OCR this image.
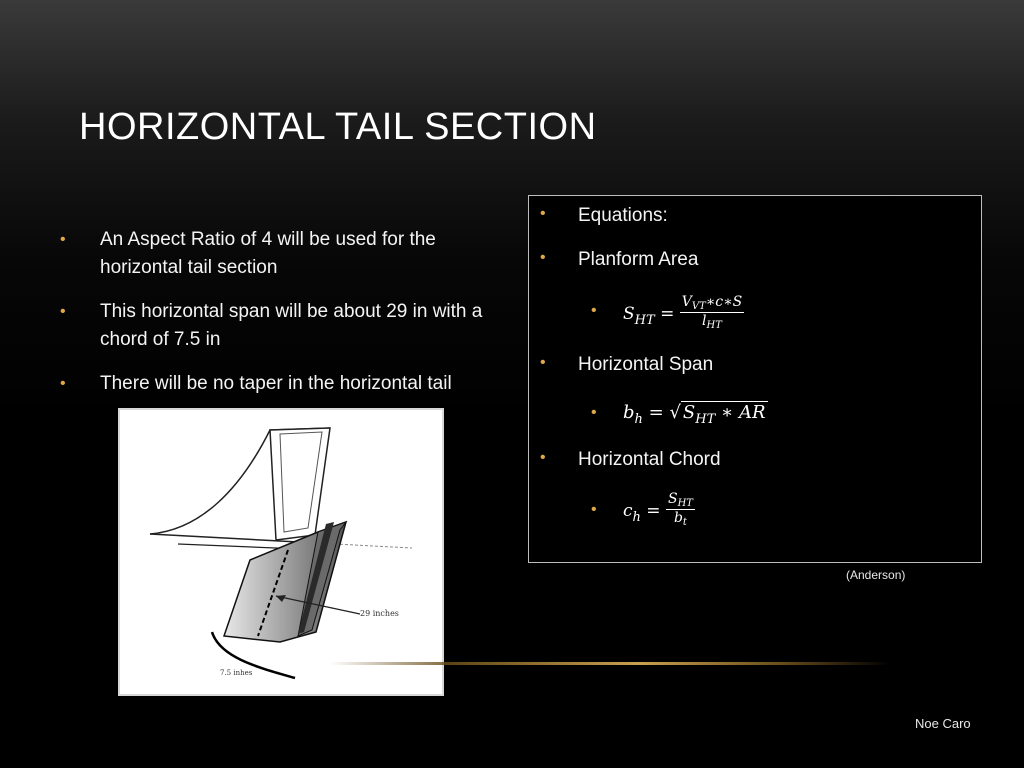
HORIZONTAL TAIL SECTION
• An Aspect Ratio of 4 will be used for the horizontal tail section
• This horizontal span will be about 29 in with a chord of 7.5 in
• There will be no taper in the horizontal tail
29 inches
7.5 inhes
• Equations:
• Planform Area
• $S_{HT} = \frac{V_{VT}∗c∗S}{l_{HT}}$
• Horizontal Span
• $b_h$ = √ $S_{HT}$ ∗ AR
• Horizontal Chord
• $c_h = \frac{S_{HT}}{b_t}$
(Anderson)
Noe Caro
